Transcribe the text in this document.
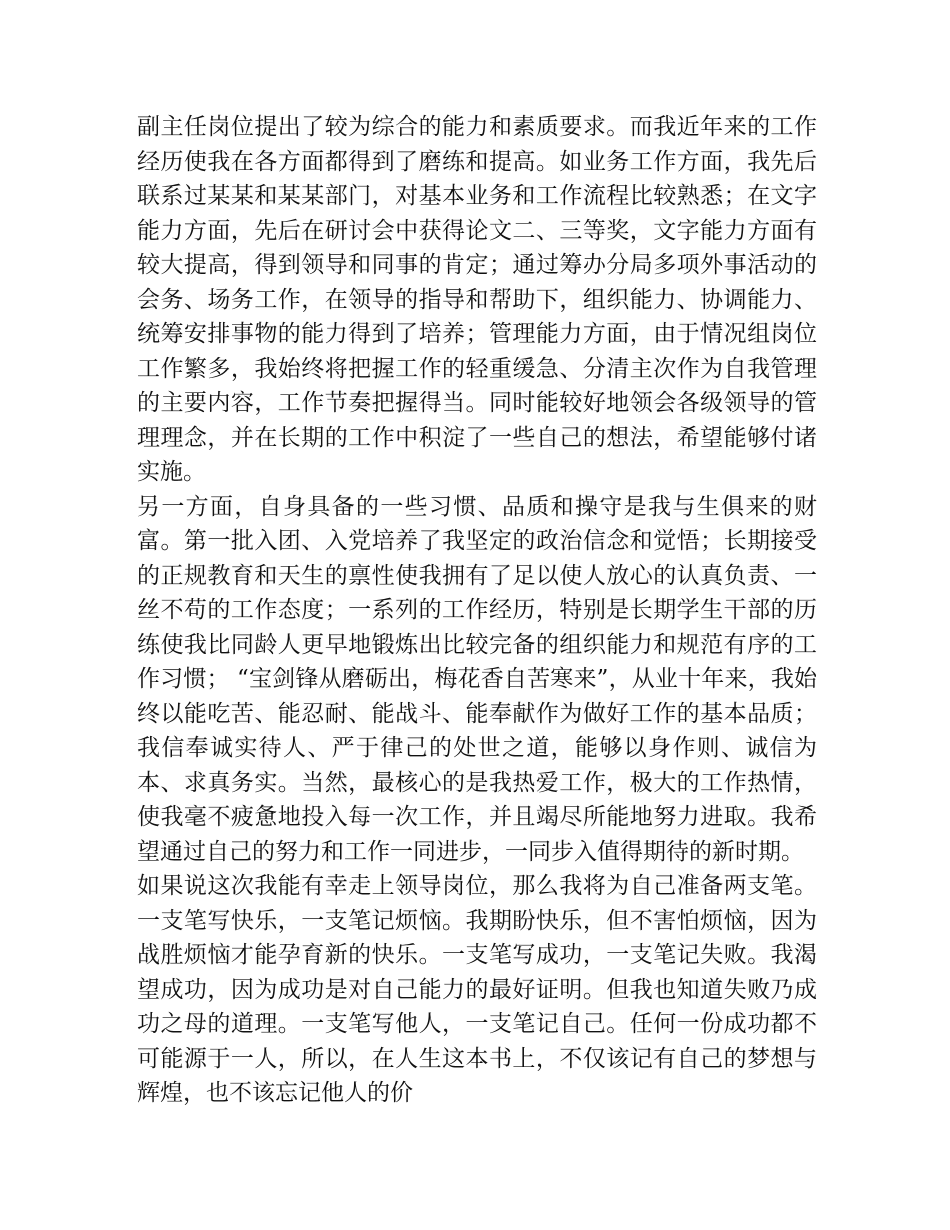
副主任岗位提出了较为综合的能力和素质要求。而我近年来的工作经历使我在各方面都得到了磨练和提高。如业务工作方面，我先后联系过某某和某某部门，对基本业务和工作流程比较熟悉；在文字能力方面，先后在研讨会中获得论文二、三等奖，文字能力方面有较大提高，得到领导和同事的肯定；通过筹办分局多项外事活动的会务、场务工作，在领导的指导和帮助下，组织能力、协调能力、统筹安排事物的能力得到了培养；管理能力方面，由于情况组岗位工作繁多，我始终将把握工作的轻重缓急、分清主次作为自我管理的主要内容，工作节奏把握得当。同时能较好地领会各级领导的管理理念，并在长期的工作中积淀了一些自己的想法，希望能够付诸实施。

另一方面，自身具备的一些习惯、品质和操守是我与生俱来的财富。第一批入团、入党培养了我坚定的政治信念和觉悟；长期接受的正规教育和天生的禀性使我拥有了足以使人放心的认真负责、一丝不苟的工作态度；一系列的工作经历，特别是长期学生干部的历练使我比同龄人更早地锻炼出比较完备的组织能力和规范有序的工作习惯； “宝剑锋从磨砺出，梅花香自苦寒来”，从业十年来，我始终以能吃苦、能忍耐、能战斗、能奉献作为做好工作的基本品质；我信奉诚实待人、严于律己的处世之道，能够以身作则、诚信为本、求真务实。当然，最核心的是我热爱工作，极大的工作热情，使我毫不疲惫地投入每一次工作，并且竭尽所能地努力进取。我希望通过自己的努力和工作一同进步，一同步入值得期待的新时期。

如果说这次我能有幸走上领导岗位，那么我将为自己准备两支笔。一支笔写快乐，一支笔记烦恼。我期盼快乐，但不害怕烦恼，因为战胜烦恼才能孕育新的快乐。一支笔写成功，一支笔记失败。我渴望成功，因为成功是对自己能力的最好证明。但我也知道失败乃成功之母的道理。一支笔写他人，一支笔记自己。任何一份成功都不可能源于一人，所以，在人生这本书上，不仅该记有自己的梦想与辉煌，也不该忘记他人的价
